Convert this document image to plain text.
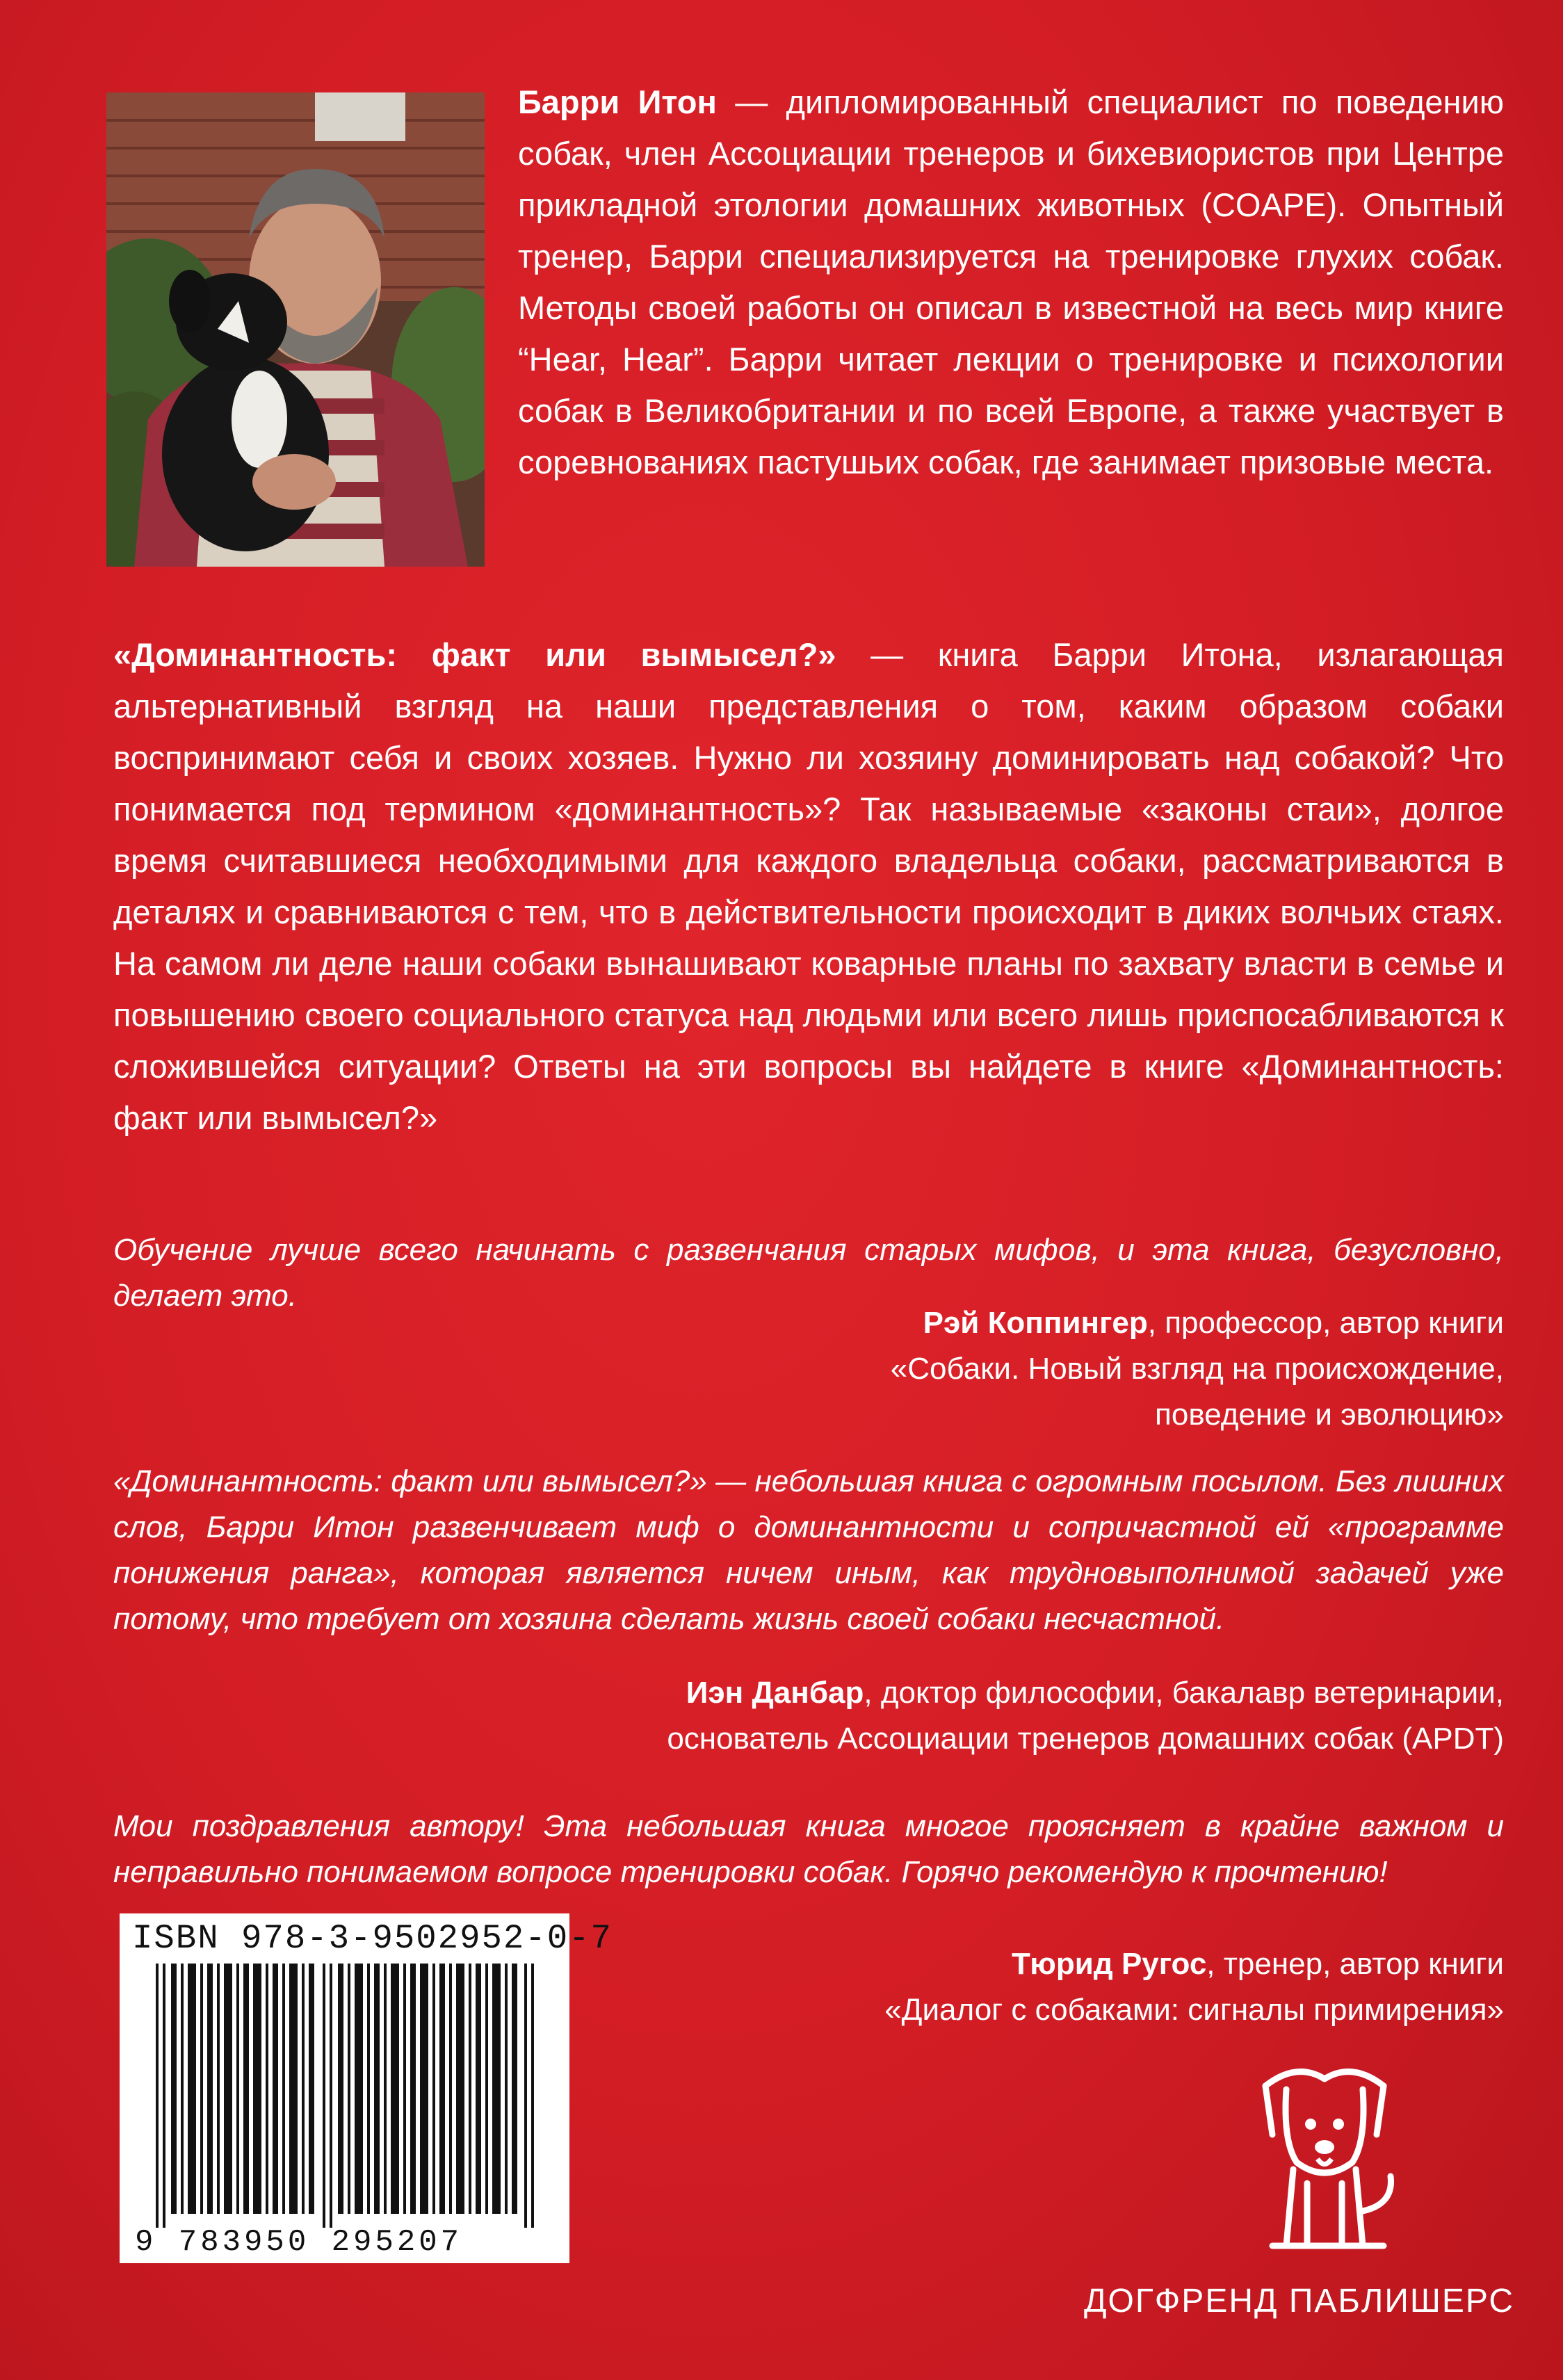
Барри Итон — дипломированный специалист по поведению собак, член Ассоциации тренеров и бихевиористов при Центре прикладной этологии домашних животных (COAPE). Опытный тренер, Барри специализируется на тренировке глухих собак. Методы своей работы он описал в известной на весь мир книге “Hear, Hear”. Барри читает лекции о тренировке и психологии собак в Великобритании и по всей Европе, а также участвует в соревнованиях пастушьих собак, где занимает призовые места.
«Доминантность: факт или вымысел?» — книга Барри Итона, излагающая альтернативный взгляд на наши представления о том, каким образом собаки воспринимают себя и своих хозяев. Нужно ли хозяину доминировать над собакой? Что понимается под термином «доминантность»? Так называемые «законы стаи», долгое время считавшиеся необходимыми для каждого владельца собаки, рассматриваются в деталях и сравниваются с тем, что в действительности происходит в диких волчьих стаях. На самом ли деле наши собаки вынашивают коварные планы по захвату власти в семье и повышению своего социального статуса над людьми или всего лишь приспосабливаются к сложившейся ситуации? Ответы на эти вопросы вы найдете в книге «Доминантность: факт или вымысел?»
Обучение лучше всего начинать с развенчания старых мифов, и эта книга, безусловно, делает это.
Рэй Коппингер, профессор, автор книги
«Собаки. Новый взгляд на происхождение,
поведение и эволюцию»
«Доминантность: факт или вымысел?» — небольшая книга с огромным посылом. Без лишних слов, Барри Итон развенчивает миф о доминантности и сопричастной ей «программе понижения ранга», которая является ничем иным, как трудновыполнимой задачей уже потому, что требует от хозяина сделать жизнь своей собаки несчастной.
Иэн Данбар, доктор философии, бакалавр ветеринарии,
основатель Ассоциации тренеров домашних собак (APDT)
Мои поздравления автору! Эта небольшая книга многое проясняет в крайне важном и неправильно понимаемом вопросе тренировки собак. Горячо рекомендую к прочтению!
Тюрид Ругос, тренер, автор книги
«Диалог с собаками: сигналы примирения»
ISBN 978-3-9502952-0-7
9 783950 295207
ДОГФРЕНД ПАБЛИШЕРС
